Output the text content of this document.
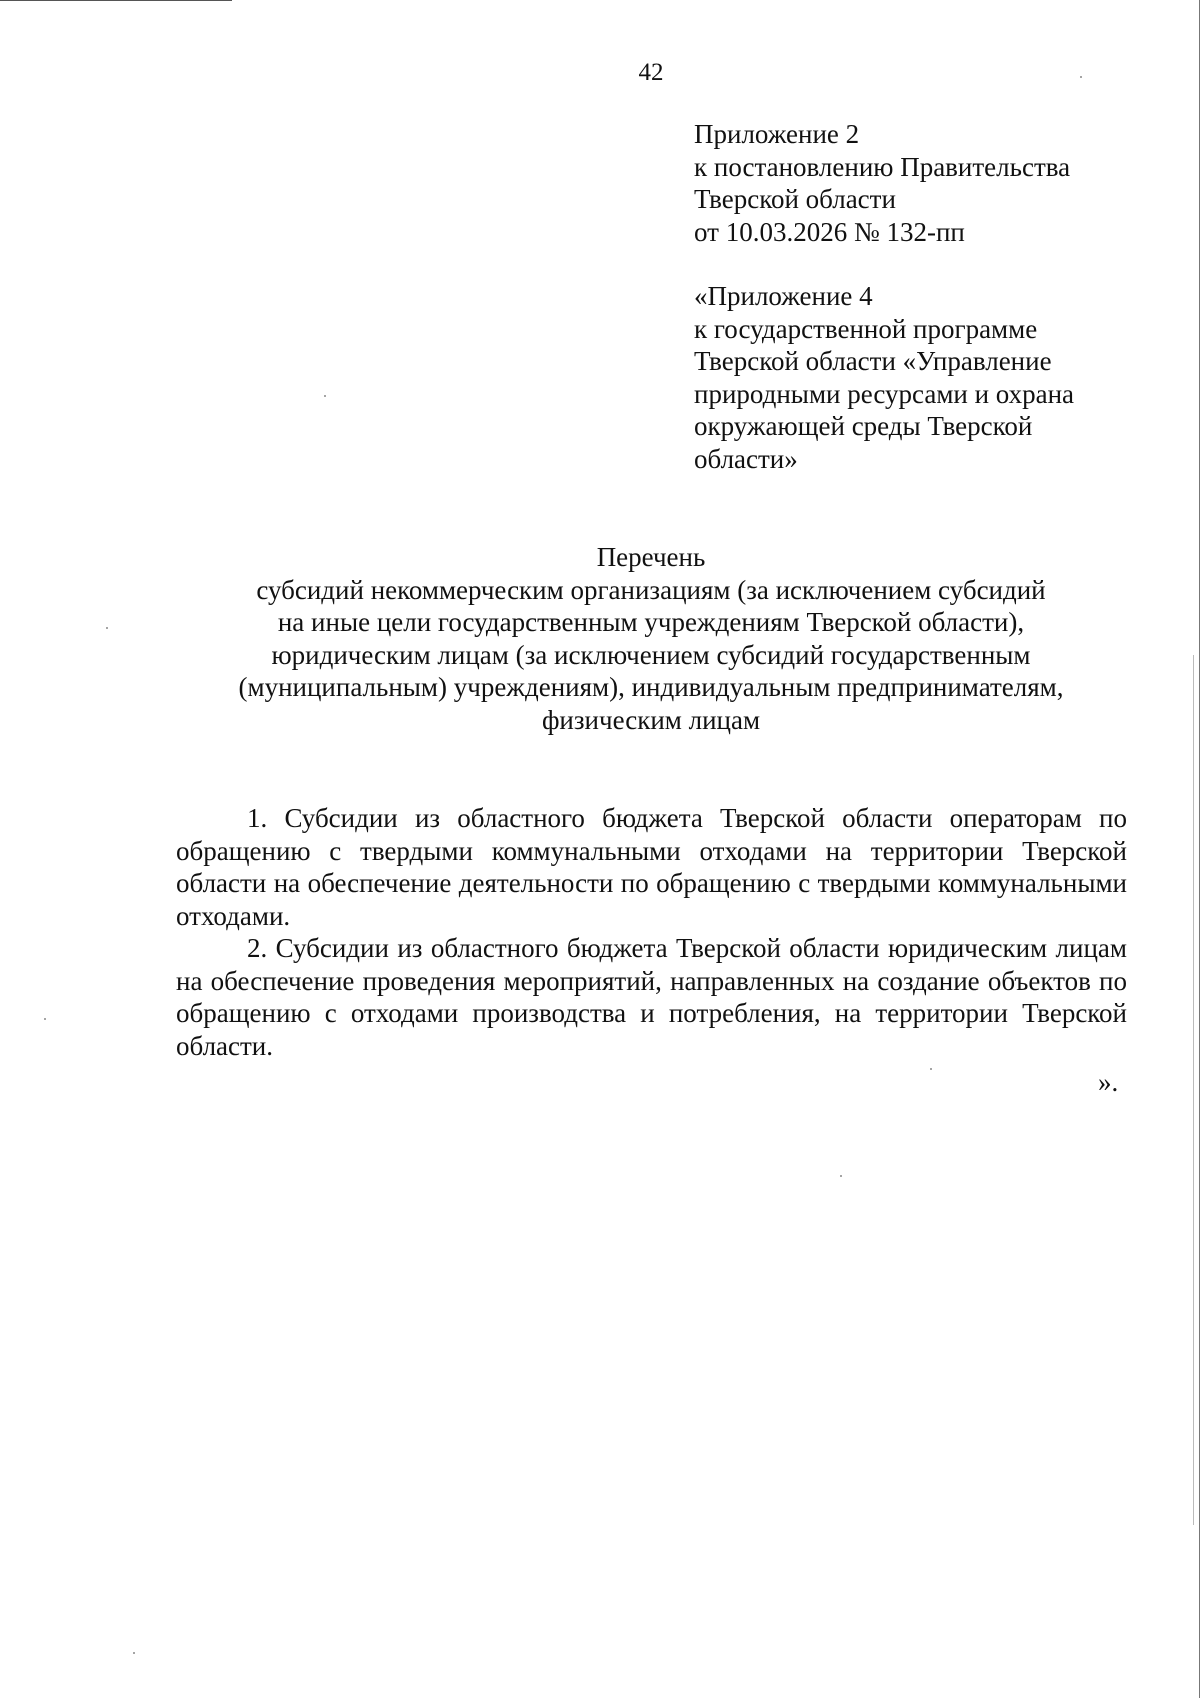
42
Приложение 2
к постановлению Правительства
Тверской области
от 10.03.2026 № 132-пп
«Приложение 4
к государственной программе
Тверской области «Управление
природными ресурсами и охрана
окружающей среды Тверской
области»
Перечень
субсидий некоммерческим организациям (за исключением субсидий
на иные цели государственным учреждениям Тверской области),
юридическим лицам (за исключением субсидий государственным
(муниципальным) учреждениям), индивидуальным предпринимателям,
физическим лицам

1. Субсидии из областного бюджета Тверской области операторам по обращению с твердыми коммунальными отходами на территории Тверской области на обеспечение деятельности по обращению с твердыми коммунальными отходами.

2. Субсидии из областного бюджета Тверской области юридическим лицам на обеспечение проведения мероприятий, направленных на создание объектов по обращению с отходами производства и потребления, на территории Тверской области.

».
